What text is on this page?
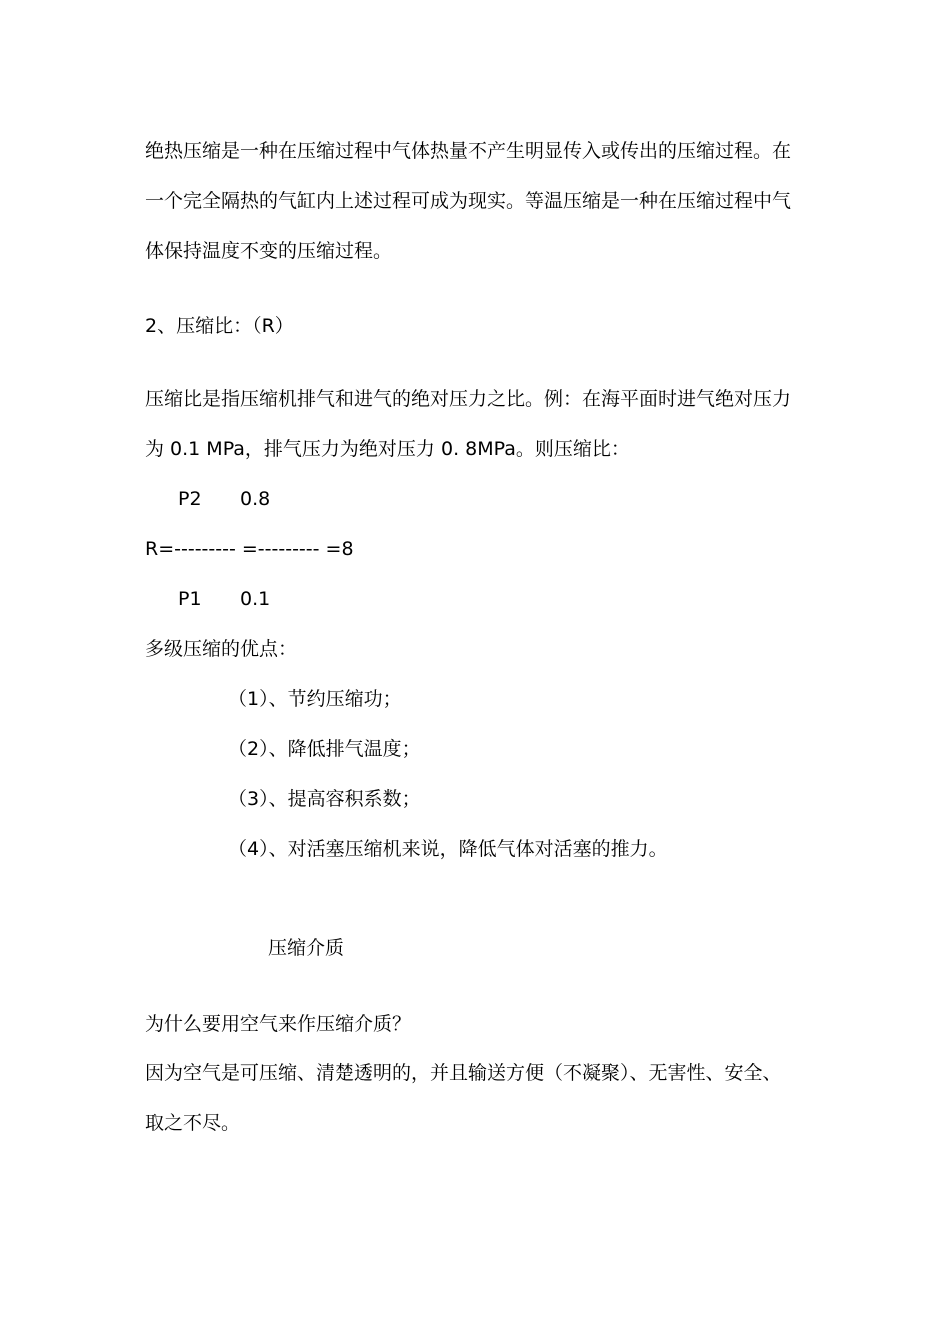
绝热压缩是一种在压缩过程中气体热量不产生明显传入或传出的压缩过程。在
一个完全隔热的气缸内上述过程可成为现实。等温压缩是一种在压缩过程中气
体保持温度不变的压缩过程。
2、压缩比：（R）
压缩比是指压缩机排气和进气的绝对压力之比。例：在海平面时进气绝对压力
为 0.1 MPa，排气压力为绝对压力 0. 8MPa。则压缩比：
P2 0.8
R=--------- =--------- =8
P1 0.1
多级压缩的优点：
（1）、节约压缩功；
（2）、降低排气温度；
（3）、提高容积系数；
（4）、对活塞压缩机来说，降低气体对活塞的推力。
压缩介质
为什么要用空气来作压缩介质？
因为空气是可压缩、清楚透明的，并且输送方便（不凝聚）、无害性、安全、
取之不尽。
